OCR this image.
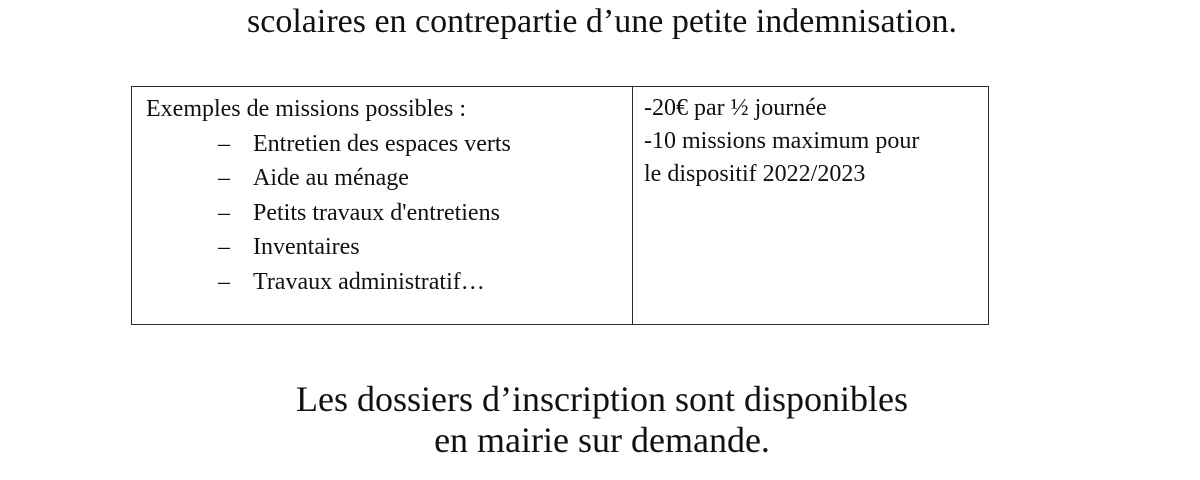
scolaires en contrepartie d’une petite indemnisation.
Exemples de missions possibles :
– Entretien des espaces verts
– Aide au ménage
– Petits travaux d'entretiens
– Inventaires
– Travaux administratif…
-20€ par ½ journée
-10 missions maximum pour
le dispositif 2022/2023
Les dossiers d’inscription sont disponibles
en mairie sur demande.
